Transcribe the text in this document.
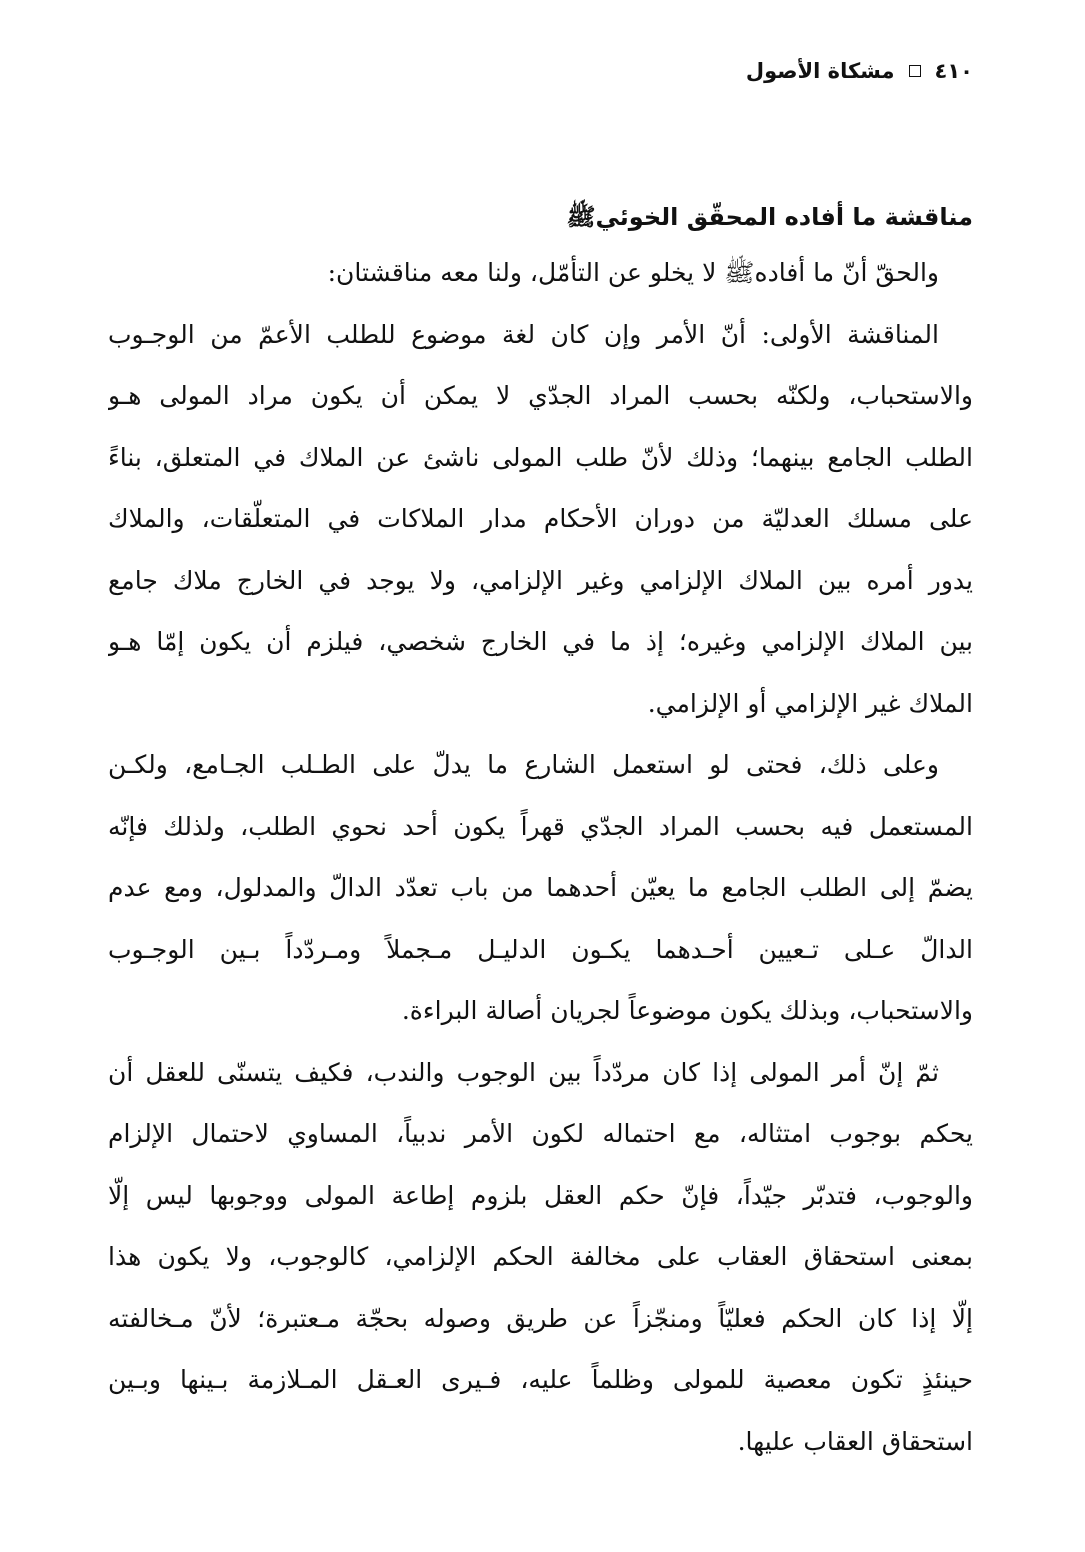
٤١٠
مشكاة الأصول
مناقشة ما أفاده المحقّق الخوئيﷺ
والحقّ أنّ ما أفادهﷺ لا يخلو عن التأمّل، ولنا معه مناقشتان:
المناقشة الأولى: أنّ الأمر وإن كان لغة موضوع للطلب الأعمّ من الوجـوب
والاستحباب، ولكنّه بحسب المراد الجدّي لا يمكن أن يكون مراد المولى هـو
الطلب الجامع بينهما؛ وذلك لأنّ طلب المولى ناشئ عن الملاك في المتعلق، بناءً
على مسلك العدليّة من دوران الأحكام مدار الملاكات في المتعلّقات، والملاك
يدور أمره بين الملاك الإلزامي وغير الإلزامي، ولا يوجد في الخارج ملاك جامع
بين الملاك الإلزامي وغيره؛ إذ ما في الخارج شخصي، فيلزم أن يكون إمّا هـو
الملاك غير الإلزامي أو الإلزامي.
وعلى ذلك، فحتى لو استعمل الشارع ما يدلّ على الطـلب الجـامع، ولكـن
المستعمل فيه بحسب المراد الجدّي قهراً يكون أحد نحوي الطلب، ولذلك فإنّه
يضمّ إلى الطلب الجامع ما يعيّن أحدهما من باب تعدّد الدالّ والمدلول، ومع عدم
الدالّ عـلى تـعيين أحـدهما يكـون الدليـل مـجملاً ومـردّداً بـين الوجـوب
والاستحباب، وبذلك يكون موضوعاً لجريان أصالة البراءة.
ثمّ إنّ أمر المولى إذا كان مردّداً بين الوجوب والندب، فكيف يتسنّى للعقل أن
يحكم بوجوب امتثاله، مع احتماله لكون الأمر ندبياً، المساوي لاحتمال الإلزام
والوجوب، فتدبّر جيّداً، فإنّ حكم العقل بلزوم إطاعة المولى ووجوبها ليس إلّا
بمعنى استحقاق العقاب على مخالفة الحكم الإلزامي، كالوجوب، ولا يكون هذا
إلّا إذا كان الحكم فعليّاً ومنجّزاً عن طريق وصوله بحجّة مـعتبرة؛ لأنّ مـخالفته
حينئذٍ تكون معصية للمولى وظلماً عليه، فـيرى العـقل المـلازمة بـينها وبـين
استحقاق العقاب عليها.
